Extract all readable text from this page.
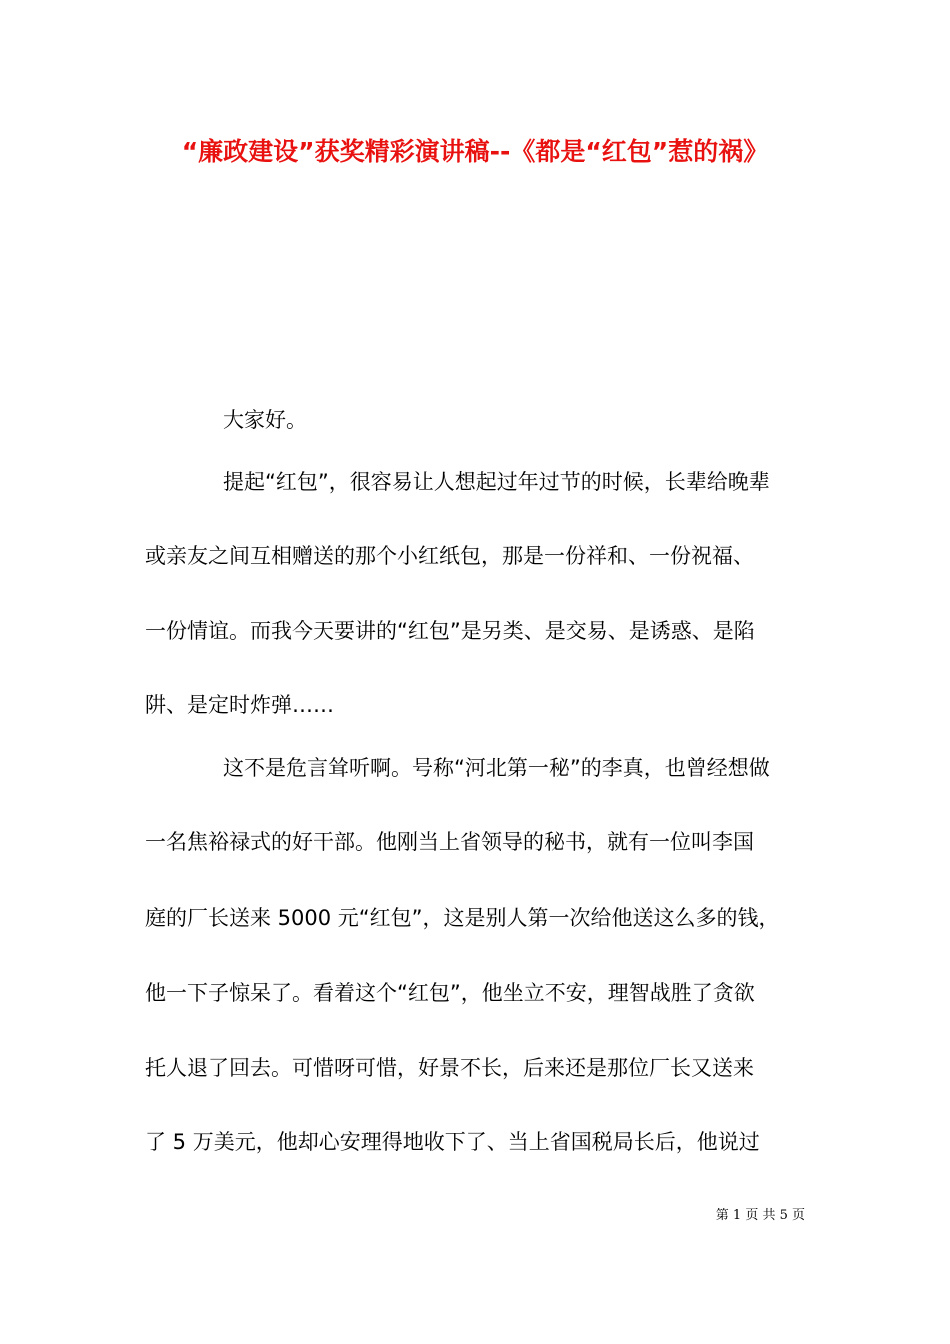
“廉政建设”获奖精彩演讲稿--《都是“红包”惹的祸》
大家好。
提起“红包”，很容易让人想起过年过节的时候，长辈给晚辈
或亲友之间互相赠送的那个小红纸包，那是一份祥和、一份祝福、
一份情谊。而我今天要讲的“红包”是另类、是交易、是诱惑、是陷
阱、是定时炸弹……
这不是危言耸听啊。号称“河北第一秘”的李真，也曾经想做
一名焦裕禄式的好干部。他刚当上省领导的秘书，就有一位叫李国
庭的厂长送来 5000 元“红包”，这是别人第一次给他送这么多的钱，
他一下子惊呆了。看着这个“红包”，他坐立不安，理智战胜了贪欲
托人退了回去。可惜呀可惜，好景不长，后来还是那位厂长又送来
了 5 万美元，他却心安理得地收下了、当上省国税局长后，他说过
第 1 页 共 5 页
